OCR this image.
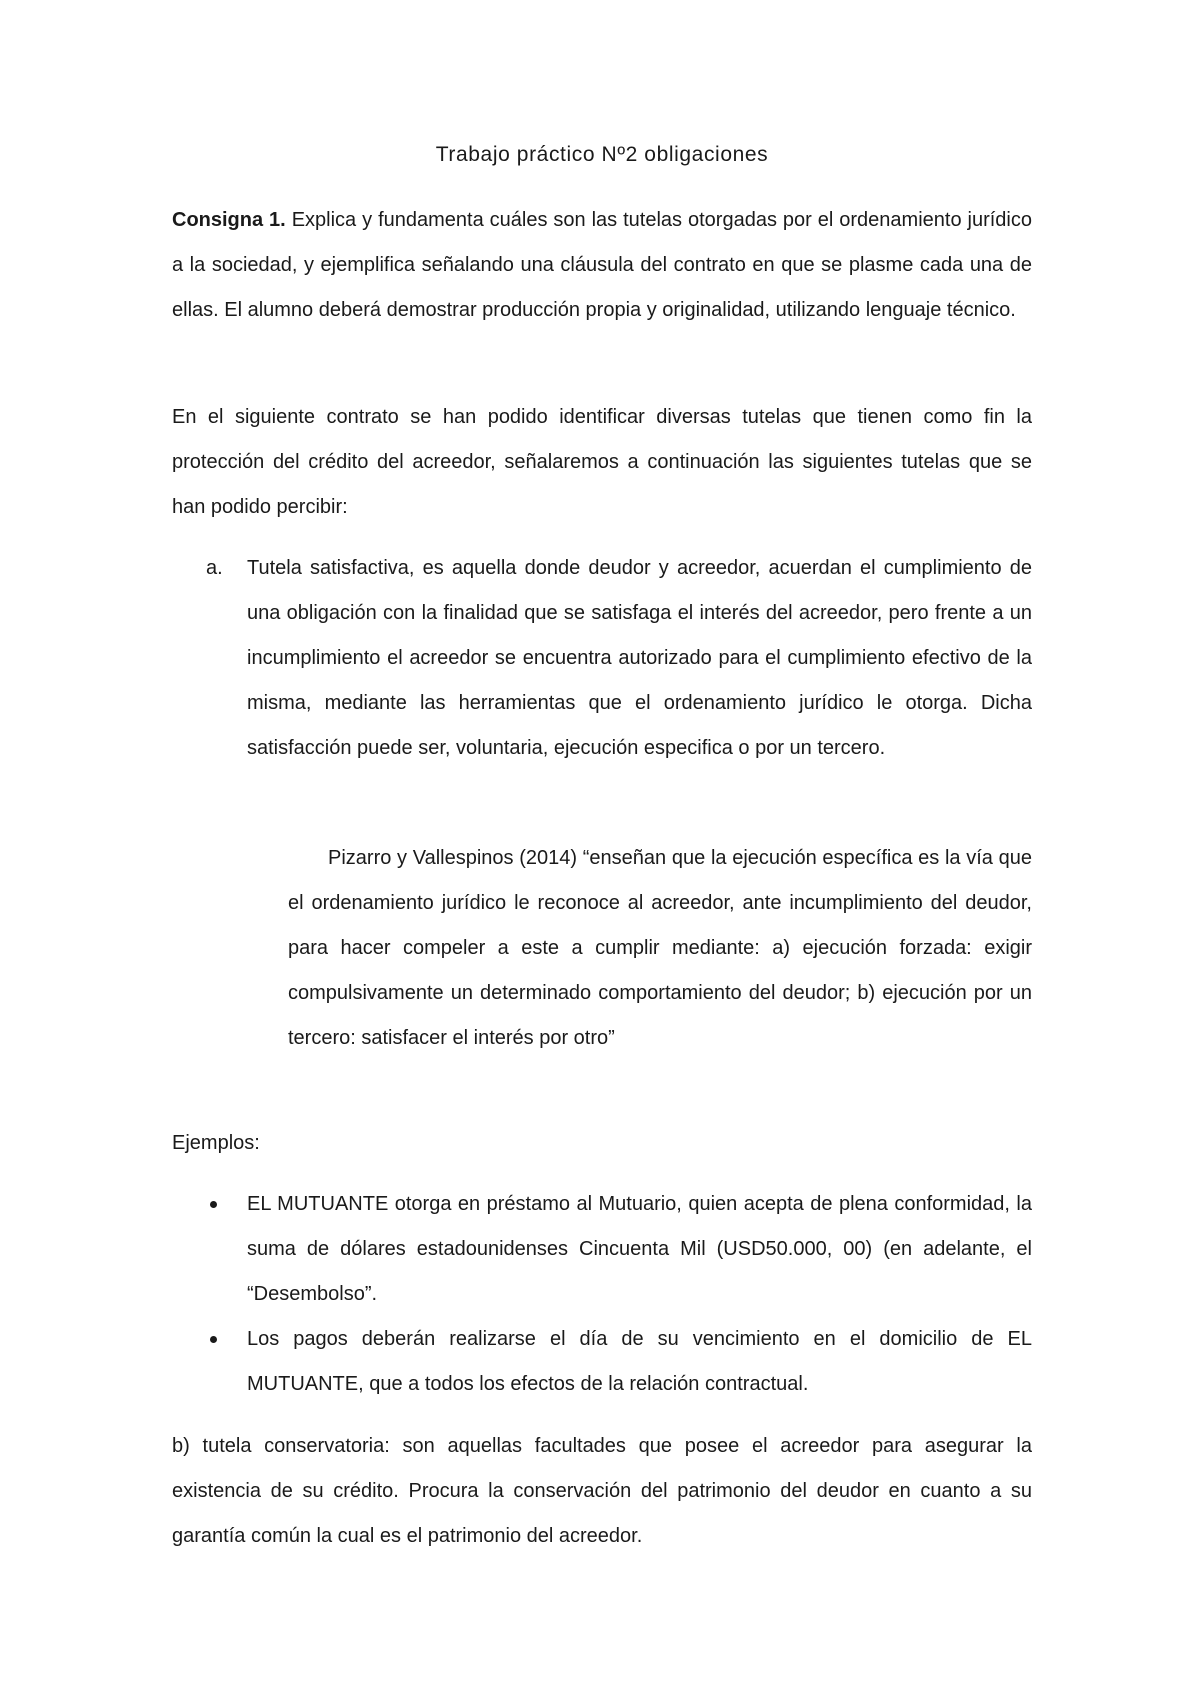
Trabajo práctico Nº2 obligaciones

Consigna 1. Explica y fundamenta cuáles son las tutelas otorgadas por el ordenamiento jurídico a la sociedad, y ejemplifica señalando una cláusula del contrato en que se plasme cada una de ellas. El alumno deberá demostrar producción propia y originalidad, utilizando lenguaje técnico.

En el siguiente contrato se han podido identificar diversas tutelas que tienen como fin la protección del crédito del acreedor, señalaremos a continuación las siguientes tutelas que se han podido percibir:

a. Tutela satisfactiva, es aquella donde deudor y acreedor, acuerdan el cumplimiento de una obligación con la finalidad que se satisfaga el interés del acreedor, pero frente a un incumplimiento el acreedor se encuentra autorizado para el cumplimiento efectivo de la misma, mediante las herramientas que el ordenamiento jurídico le otorga. Dicha satisfacción puede ser, voluntaria, ejecución especifica o por un tercero.

Pizarro y Vallespinos (2014) “enseñan que la ejecución específica es la vía que el ordenamiento jurídico le reconoce al acreedor, ante incumplimiento del deudor, para hacer compeler a este a cumplir mediante: a) ejecución forzada: exigir compulsivamente un determinado comportamiento del deudor; b) ejecución por un tercero: satisfacer el interés por otro”

Ejemplos:

EL MUTUANTE otorga en préstamo al Mutuario, quien acepta de plena conformidad, la suma de dólares estadounidenses Cincuenta Mil (USD50.000, 00) (en adelante, el “Desembolso”.
Los pagos deberán realizarse el día de su vencimiento en el domicilio de EL MUTUANTE, que a todos los efectos de la relación contractual.

b) tutela conservatoria: son aquellas facultades que posee el acreedor para asegurar la existencia de su crédito. Procura la conservación del patrimonio del deudor en cuanto a su garantía común la cual es el patrimonio del acreedor.
